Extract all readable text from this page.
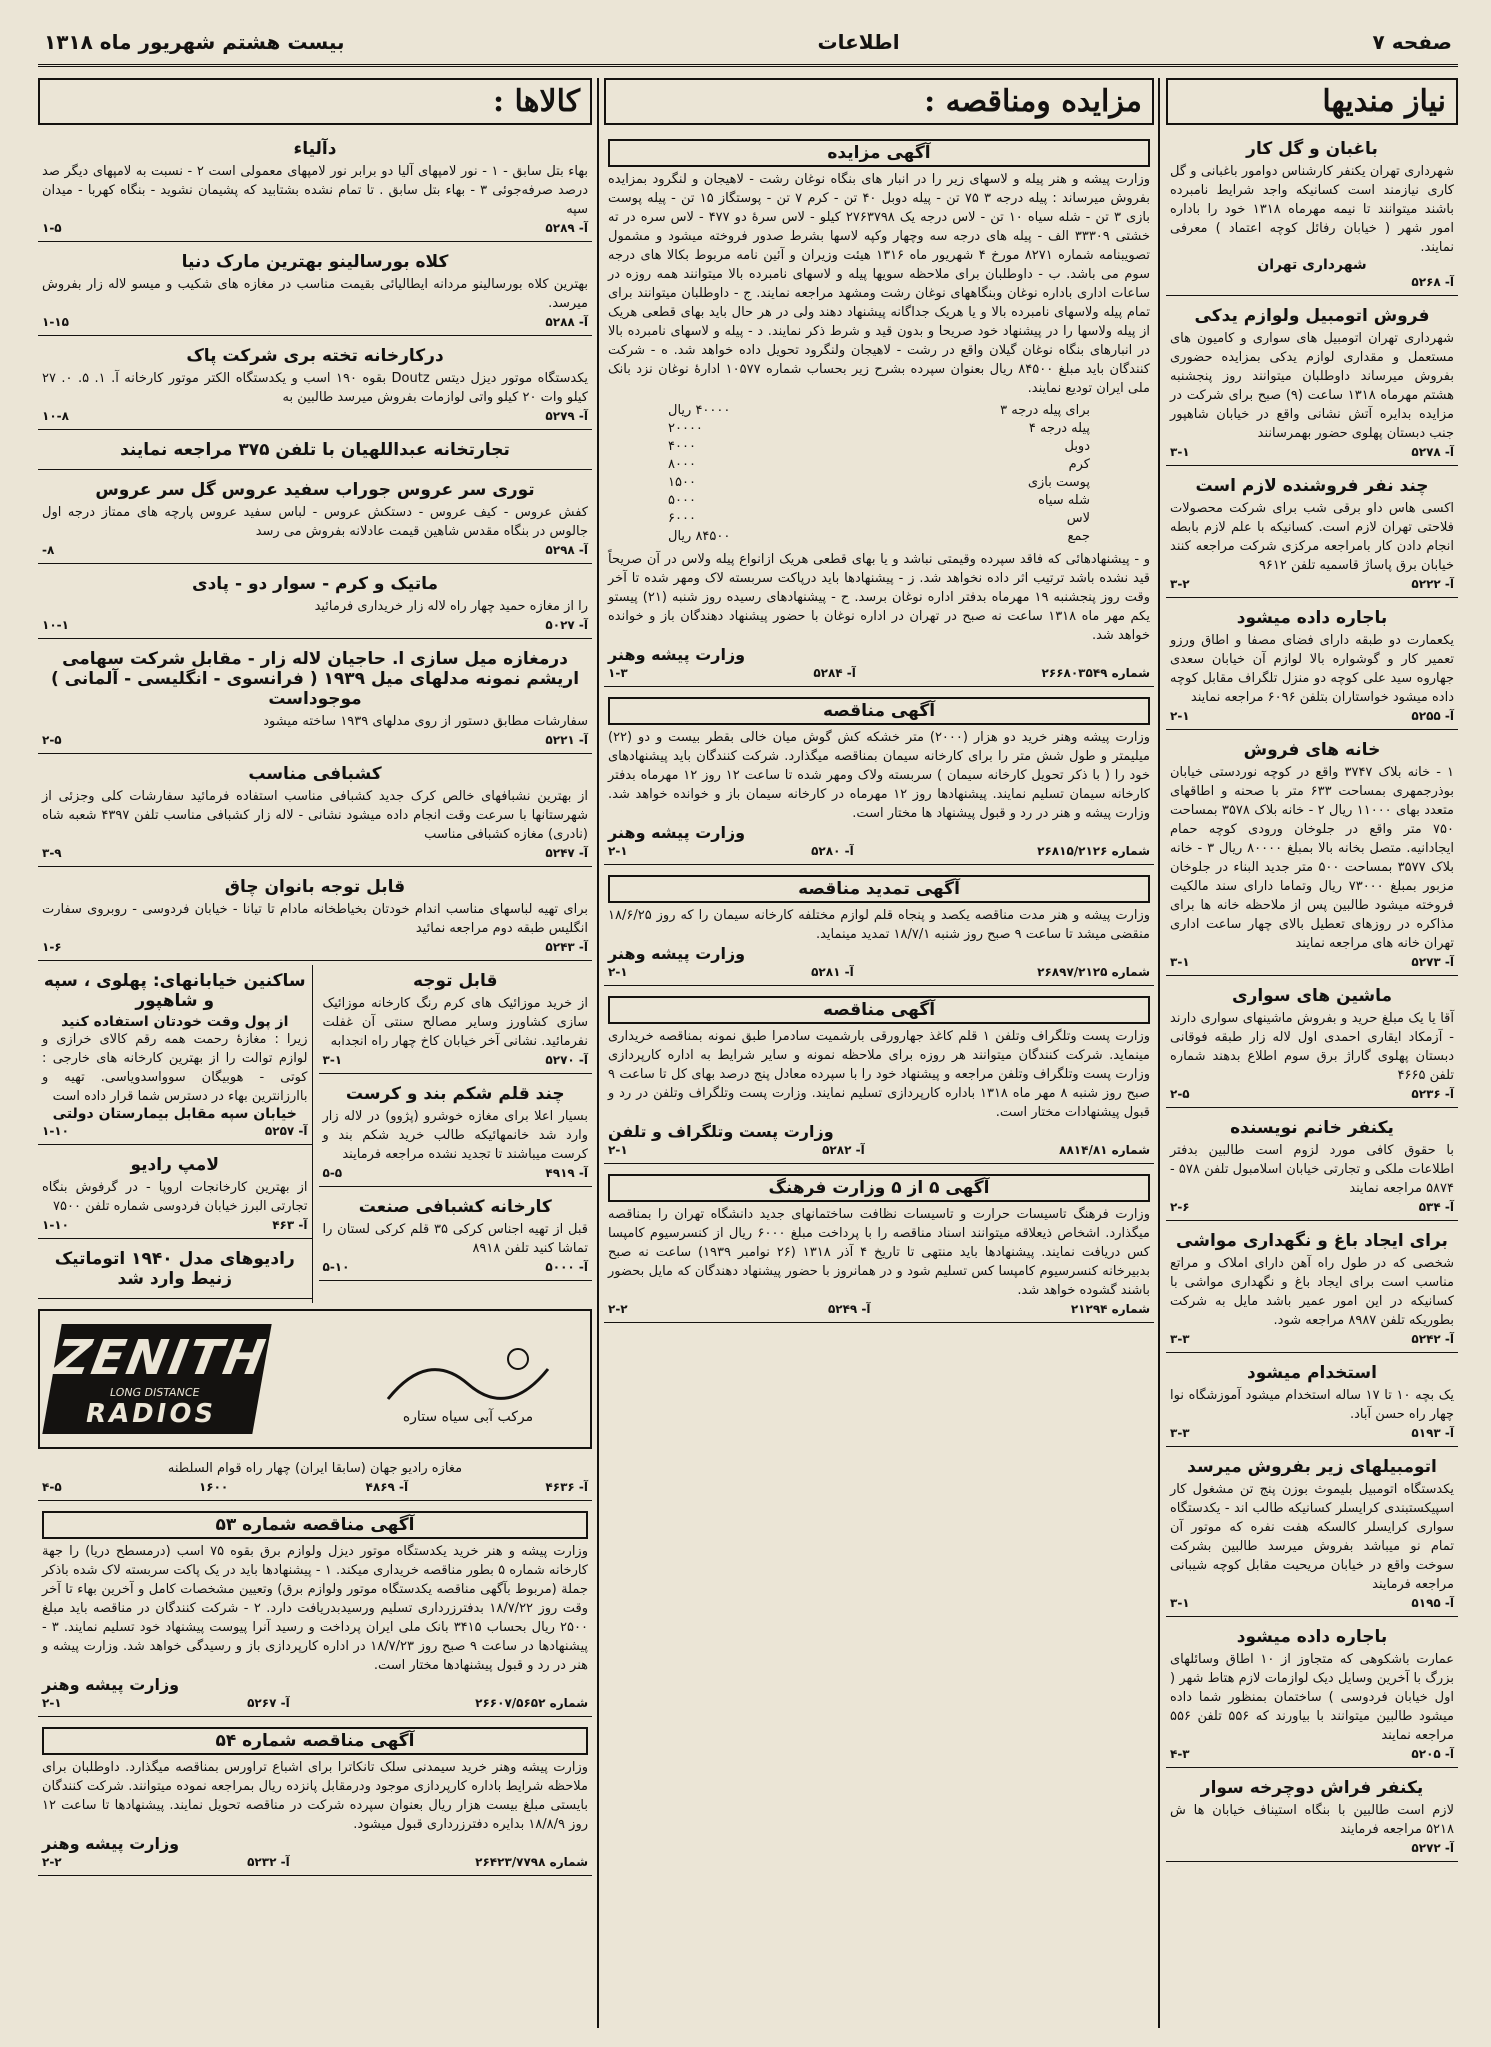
صفحه ۷
اطلاعات
بیست هشتم شهریور ماه ۱۳۱۸
نیاز مندیها
باغبان و گل کار

شهرداری تهران یکنفر کارشناس دوامور باغبانی و گل کاری نیازمند است کسانیکه واجد شرایط نامبرده باشند میتوانند تا نیمه مهرماه ۱۳۱۸ خود را باداره امور شهر ( خیابان رفائل کوچه اعتماد ) معرفی نمایند.

شهرداری تهران
آ- ۵۲۶۸
فروش اتومبیل ولوازم یدکی

شهرداری تهران اتومبیل های سواری و کامیون های مستعمل و مقداری لوازم یدکی بمزایده حضوری بفروش میرساند داوطلبان میتوانند روز پنجشنبه هشتم مهرماه ۱۳۱۸ ساعت (۹) صبح برای شرکت در مزایده بدایره آتش نشانی واقع در خیابان شاهپور جنب دبستان پهلوی حضور بهمرسانند

آ- ۵۲۷۸
۳-۱
چند نفر فروشنده لازم است

اکسی هاس داو برقی شب برای شرکت محصولات فلاحتی تهران لازم است. کسانیکه با علم لازم بابطه انجام دادن کار بامراجعه مرکزی شرکت مراجعه کنند خیابان برق پاساژ قاسمیه تلفن ۹۶۱۲

آ- ۵۲۲۲
۳-۲
باجاره داده میشود

یکعمارت دو طبقه دارای فضای مصفا و اطاق ورزو تعمیر کار و گوشواره بالا لوازم آن خیابان سعدی جهاروه سید علی کوچه دو منزل تلگراف مقابل کوچه داده میشود خواستاران بتلفن ۶۰۹۶ مراجعه نمایند

آ- ۵۲۵۵
۲-۱
خانه های فروش

۱ - خانه بلاک ۳۷۴۷ واقع در کوچه نوردستی خیابان بوذرجمهری بمساحت ۶۳۳ متر با صحنه و اطاقهای متعدد بهای ۱۱۰۰۰ ریال ۲ - خانه بلاک ۳۵۷۸ بمساحت ۷۵۰ متر واقع در جلوخان ورودی کوچه حمام ایجادانیه. متصل بخانه بالا بمبلغ ۸۰۰۰۰ ریال ۳ - خانه بلاک ۳۵۷۷ بمساحت ۵۰۰ متر جدید البناء در جلوخان مزبور بمبلغ ۷۳۰۰۰ ریال وتماما دارای سند مالکیت فروخته میشود طالبین پس از ملاحظه خانه ها برای مذاکره در روزهای تعطیل بالای چهار ساعت اداری تهران خانه های مراجعه نمایند

آ- ۵۲۷۳
۳-۱
ماشین های سواری

آقا یا یک مبلغ حرید و بفروش ماشینهای سواری دارند - آزمکاد ایقاری احمدی اول لاله زار طبقه فوقانی دبستان پهلوی گاراژ برق سوم اطلاع بدهند شماره تلفن ۴۶۶۵

آ- ۵۲۳۶
۲-۵
یکنفر خانم نویسنده

با حقوق کافی مورد لزوم است طالبین بدفتر اطلاعات ملکی و تجارتی خیابان اسلامبول تلفن ۵۷۸ - ۵۸۷۴ مراجعه نمایند

آ- ۵۳۴
۲-۶
برای ایجاد باغ و نگهداری مواشی

شخصی که در طول راه آهن دارای املاک و مراتع مناسب است برای ایجاد باغ و نگهداری مواشی با کسانیکه در این امور عمیر باشد مایل به شرکت بطوریکه تلفن ۸۹۸۷ مراجعه شود.

آ- ۵۲۴۲
۳-۳
استخدام میشود

یک بچه ۱۰ تا ۱۷ ساله استخدام میشود آموزشگاه نوا چهار راه حسن آباد.

آ- ۵۱۹۳
۳-۳
اتومبیلهای زیر بفروش میرسد

یکدستگاه اتومبیل بلیموث بوزن پنج تن مشغول کار اسپیکستبندی کرایسلر کسانیکه طالب اند - یکدستگاه سواری کرایسلر کالسکه هفت نفره که موتور آن تمام نو میباشد بفروش میرسد طالبین بشرکت سوخت واقع در خیابان مریحیت مقابل کوچه شیبانی مراجعه فرمایند

آ- ۵۱۹۵
۳-۱
باجاره داده میشود

عمارت باشکوهی که متجاوز از ۱۰ اطاق وسائلهای بزرگ با آخرین وسایل دیک لوازمات لازم هتاط شهر ( اول خیابان فردوسی ) ساختمان بمنظور شما داده میشود طالبین میتوانند با بیاورند که ۵۵۶ تلفن ۵۵۶ مراجعه نمایند

آ- ۵۲۰۵
۴-۳
یکنفر فراش دوچرخه سوار

لازم است طالبین با بنگاه استیناف خیابان ها ش ۵۲۱۸ مراجعه فرمایند

آ- ۵۲۷۲
مزایده ومناقصه :
آگهی مزایده

وزارت پیشه و هنر پیله و لاسهای زیر را در انبار های بنگاه نوغان رشت - لاهیجان و لنگرود بمزایده بفروش میرساند : پیله درجه ۳ ۷۵ تن - پیله دوبل ۴۰ تن - کرم ۷ تن - پوستگاز ۱۵ تن - پیله پوست بازی ۳ تن - شله سیاه ۱۰ تن - لاس درجه یک ۲۷۶۳۷۹۸ کیلو - لاس سرۀ دو ۴۷۷ - لاس سره در ته خشتی ۳۳۳۰۹ الف - پیله های درجه سه وچهار وکپه لاسها بشرط صدور فروخته میشود و مشمول تصویبنامه شماره ۸۲۷۱ مورخ ۴ شهریور ماه ۱۳۱۶ هیئت وزیران و آئین نامه مربوط بکالا های درجه سوم می باشد. ب - داوطلبان برای ملاحظه سویها پیله و لاسهای نامبرده بالا میتوانند همه روزه در ساعات اداری باداره نوغان وبنگاههای نوغان رشت ومشهد مراجعه نمایند. ج - داوطلبان میتوانند برای تمام پیله ولاسهای نامبرده بالا و یا هریک جداگانه پیشنهاد دهند ولی در هر حال باید بهای قطعی هریک از پیله ولاسها را در پیشنهاد خود صریحا و بدون قید و شرط ذکر نمایند. د - پیله و لاسهای نامبرده بالا در انبارهای بنگاه نوغان گیلان واقع در رشت - لاهیجان ولنگرود تحویل داده خواهد شد. ه - شرکت کنندگان باید مبلغ ۸۴۵۰۰ ریال بعنوان سپرده بشرح زیر بحساب شماره ۱۰۵۷۷ ادارۀ نوغان نزد بانک ملی ایران تودیع نمایند.

برای پیله درجه ۳
۴۰۰۰۰ ریال
پیله درجه ۴
۲۰۰۰۰
دوبل
۴۰۰۰
کرم
۸۰۰۰
پوست بازی
۱۵۰۰
شله سیاه
۵۰۰۰
لاس
۶۰۰۰
جمع
۸۴۵۰۰ ریال

و - پیشنهادهائی که فاقد سپرده وقیمتی نباشد و یا بهای قطعی هریک ازانواع پیله ولاس در آن صریحاً قید نشده باشد ترتیب اثر داده نخواهد شد. ز - پیشنهادها باید درپاکت سربسته لاک ومهر شده تا آخر وقت روز پنجشنبه ۱۹ مهرماه بدفتر اداره نوغان برسد. ح - پیشنهادهای رسیده روز شنبه (۲۱) پیستو یکم مهر ماه ۱۳۱۸ ساعت نه صبح در تهران در اداره نوغان با حضور پیشنهاد دهندگان باز و خوانده خواهد شد.

وزارت پیشه وهنر
شماره ۲۶۶۸۰۳۵۴۹
آ- ۵۲۸۴
۱-۳
آگهی مناقصه

وزارت پیشه وهنر خرید دو هزار (۲۰۰۰) متر خشکه کش گوش میان خالی بقطر بیست و دو (۲۲) میلیمتر و طول شش متر را برای کارخانه سیمان بمناقصه میگذارد. شرکت کنندگان باید پیشنهادهای خود را ( با ذکر تحویل کارخانه سیمان ) سربسته ولاک ومهر شده تا ساعت ۱۲ روز ۱۲ مهرماه بدفتر کارخانه سیمان تسلیم نمایند. پیشنهادها روز ۱۲ مهرماه در کارخانه سیمان باز و خوانده خواهد شد. وزارت پیشه و هنر در رد و قبول پیشنهاد ها مختار است.

وزارت پیشه وهنر
شماره ۲۶۸۱۵/۲۱۲۶
آ- ۵۲۸۰
۲-۱
آگهی تمدید مناقصه

وزارت پیشه و هنر مدت مناقصه یکصد و پنجاه قلم لوازم مختلفه کارخانه سیمان را که روز ۱۸/۶/۲۵ منقضی میشد تا ساعت ۹ صبح روز شنبه ۱۸/۷/۱ تمدید مینماید.

وزارت پیشه وهنر
شماره ۲۶۸۹۷/۲۱۲۵
آ- ۵۲۸۱
۲-۱
آگهی مناقصه

وزارت پست وتلگراف وتلفن ۱ قلم کاغذ جهارورقی بارشمیت سادمرا طبق نمونه بمناقصه خریداری مینماید. شرکت کنندگان میتوانند هر روزه برای ملاحظه نمونه و سایر شرایط به اداره کارپردازی وزارت پست وتلگراف وتلفن مراجعه و پیشنهاد خود را با سپرده معادل پنج درصد بهای کل تا ساعت ۹ صبح روز شنبه ۸ مهر ماه ۱۳۱۸ باداره کارپردازی تسلیم نمایند. وزارت پست وتلگراف وتلفن در رد و قبول پیشنهادات مختار است.

وزارت پست وتلگراف و تلفن
شماره ۸۸۱۴/۸۱
آ- ۵۲۸۲
۲-۱
آگهی ۵ از ۵ وزارت فرهنگ

وزارت فرهنگ تاسیسات حرارت و تاسیسات نظافت ساختمانهای جدید دانشگاه تهران را بمناقصه میگذارد. اشخاص ذیعلاقه میتوانند اسناد مناقصه را با پرداخت مبلغ ۶۰۰۰ ریال از کنسرسیوم کامپسا کس دریافت نمایند. پیشنهادها باید منتهی تا تاریخ ۴ آذر ۱۳۱۸ (۲۶ نوامبر ۱۹۳۹) ساعت نه صبح بدبیرخانه کنسرسیوم کامپسا کس تسلیم شود و در همانروز با حضور پیشنهاد دهندگان که مایل بحضور باشند گشوده خواهد شد.

شماره ۲۱۲۹۴
آ- ۵۲۴۹
۲-۲
کالاها :
دآلیاء

بهاء بتل سابق - ۱ - نور لامپهای آلیا دو برابر نور لامپهای معمولی است ۲ - نسبت به لامپهای دیگر صد درصد صرفه‌جوئی ۳ - بهاء بتل سابق . تا تمام نشده بشتابید که پشیمان نشوید - بنگاه کهربا - میدان سپه

آ- ۵۲۸۹
۱-۵
کلاه بورسالینو بهترین مارک دنیا

بهترین کلاه بورسالینو مردانه ایطالیائی بقیمت مناسب در مغازه های شکیب و میسو لاله زار بفروش میرسد.

آ- ۵۲۸۸
۱-۱۵
درکارخانه تخته بری شرکت پاک

یکدستگاه موتور دیزل دیتس Doutz بقوه ۱۹۰ اسب و یکدستگاه الکتر موتور کارخانه آ. ۱. ۵. ۰. ۲۷ کیلو وات ۲۰ کیلو واتی لوازمات بفروش میرسد طالبین به

آ- ۵۲۷۹
۱۰-۸
تجارتخانه عبداللهیان با تلفن ۳۷۵ مراجعه نمایند
توری سر عروس جوراب سفید عروس گل سر عروس

کفش عروس - کیف عروس - دستکش عروس - لباس سفید عروس پارچه های ممتاز درجه اول جالوس در بنگاه مقدس شاهین قیمت عادلانه بفروش می رسد

آ- ۵۲۹۸
۸-
ماتیک و کرم - سوار دو - پادی

را از مغازه حمید چهار راه لاله زار خریداری فرمائید

آ- ۵۰۲۷
۱۰-۱
درمغازه میل سازی ا. حاجیان لاله زار - مقابل شرکت سهامی اریشم نمونه مدلهای میل ۱۹۳۹ ( فرانسوی - انگلیسی - آلمانی ) موجوداست

سفارشات مطابق دستور از روی مدلهای ۱۹۳۹ ساخته میشود

آ- ۵۲۲۱
۲-۵
کشبافی مناسب

از بهترین نشبافهای خالص کرک جدید کشبافی مناسب استفاده فرمائید سفارشات کلی وجزئی از شهرستانها با سرعت وقت انجام داده میشود نشانی - لاله زار کشبافی مناسب تلفن ۴۳۹۷ شعبه شاه (نادری) مغازه کشبافی مناسب

آ- ۵۲۴۷
۳-۹
قابل توجه بانوان چاق

برای تهیه لباسهای مناسب اندام خودتان بخیاطخانه مادام تا تیانا - خیابان فردوسی - روبروی سفارت انگلیس طبقه دوم مراجعه نمائید

آ- ۵۲۴۳
۱-۶
قابل توجه

از خرید موزائیک های کرم رنگ کارخانه موزائیک سازی کشاورز وسایر مصالح سنتی آن غفلت نفرمائید. نشانی آخر خیابان کاخ چهار راه انجدابه

آ- ۵۲۷۰
۳-۱
چند قلم شکم بند و کرست

بسیار اعلا برای مغازه خوشرو (پژوو) در لاله زار وارد شد خانمهائیکه طالب خرید شکم بند و کرست میباشند تا تجدید نشده مراجعه فرمایند

آ- ۴۹۱۹
۵-۵
کارخانه کشبافی صنعت

قبل از تهیه اجناس کرکی ۳۵ قلم کرکی لستان را تماشا کنید تلفن ۸۹۱۸

آ- ۵۰۰۰
۵-۱۰
ساکنین خیابانهای: پهلوی ، سپه و شاهپور
از پول وقت خودتان استفاده کنید

زیرا : مغازۀ رحمت همه رقم کالای خرازی و لوازم توالت را از بهترین کارخانه های خارجی : کوتی - هوبیگان سوواسدویاسی. تهیه و باارزانترین بهاء در دسترس شما قرار داده است

خیابان سپه مقابل بیمارستان دولتی
آ- ۵۲۵۷
۱-۱۰
لامپ رادیو

از بهترین کارخانجات اروپا - در گرفوش بنگاه تجارتی البرز خیابان فردوسی شماره تلفن ۷۵۰۰

آ- ۴۶۳
۱-۱۰
رادیوهای مدل ۱۹۴۰ اتوماتیک زنیط وارد شد
ZENITH
LONG DISTANCE
RADIOS	مرکب آبی سیاه ستاره

مغازه رادیو جهان (سابقا ایران) چهار راه قوام السلطنه

آ- ۴۶۳۶
آ- ۴۸۶۹
۱۶۰۰
۴-۵
آگهی مناقصه شماره ۵۳

وزارت پیشه و هنر خرید یکدستگاه موتور دیزل ولوازم برق بقوه ۷۵ اسب (درمسطح دریا) را جهة کارخانه شماره ۵ بطور مناقصه خریداری میکند. ۱ - پیشنهادها باید در یک پاکت سربسته لاک شده باذکر جملة (مربوط بآگهی مناقصه یکدستگاه موتور ولوازم برق) وتعیین مشخصات کامل و آخرین بهاء تا آخر وقت روز ۱۸/۷/۲۲ بدفترزرداری تسلیم ورسیدبدریافت دارد. ۲ - شرکت کنندگان در مناقصه باید مبلغ ۲۵۰۰ ریال بحساب ۳۴۱۵ بانک ملی ایران پرداخت و رسید آنرا پیوست پیشنهاد خود تسلیم نمایند. ۳ - پیشنهادها در ساعت ۹ صبح روز ۱۸/۷/۲۳ در اداره کارپردازی باز و رسیدگی خواهد شد. وزارت پیشه و هنر در رد و قبول پیشنهادها مختار است.

وزارت پیشه وهنر
شماره ۲۶۶۰۷/۵۶۵۲
آ- ۵۲۶۷
۲-۱
آگهی مناقصه شماره ۵۴

وزارت پیشه وهنر خرید سیمدنی سلک تانکاترا برای اشباع تراورس بمناقصه میگذارد. داوطلبان برای ملاحظه شرایط باداره کارپردازی موجود ودرمقابل پانزده ریال بمراجعه نموده میتوانند. شرکت کنندگان بایستی مبلغ بیست هزار ریال بعنوان سپرده شرکت در مناقصه تحویل نمایند. پیشنهادها تا ساعت ۱۲ روز ۱۸/۸/۹ بدایره دفترزرداری قبول میشود.

وزارت پیشه وهنر
شماره ۲۶۴۲۳/۷۷۹۸
آ- ۵۲۳۲
۲-۲
